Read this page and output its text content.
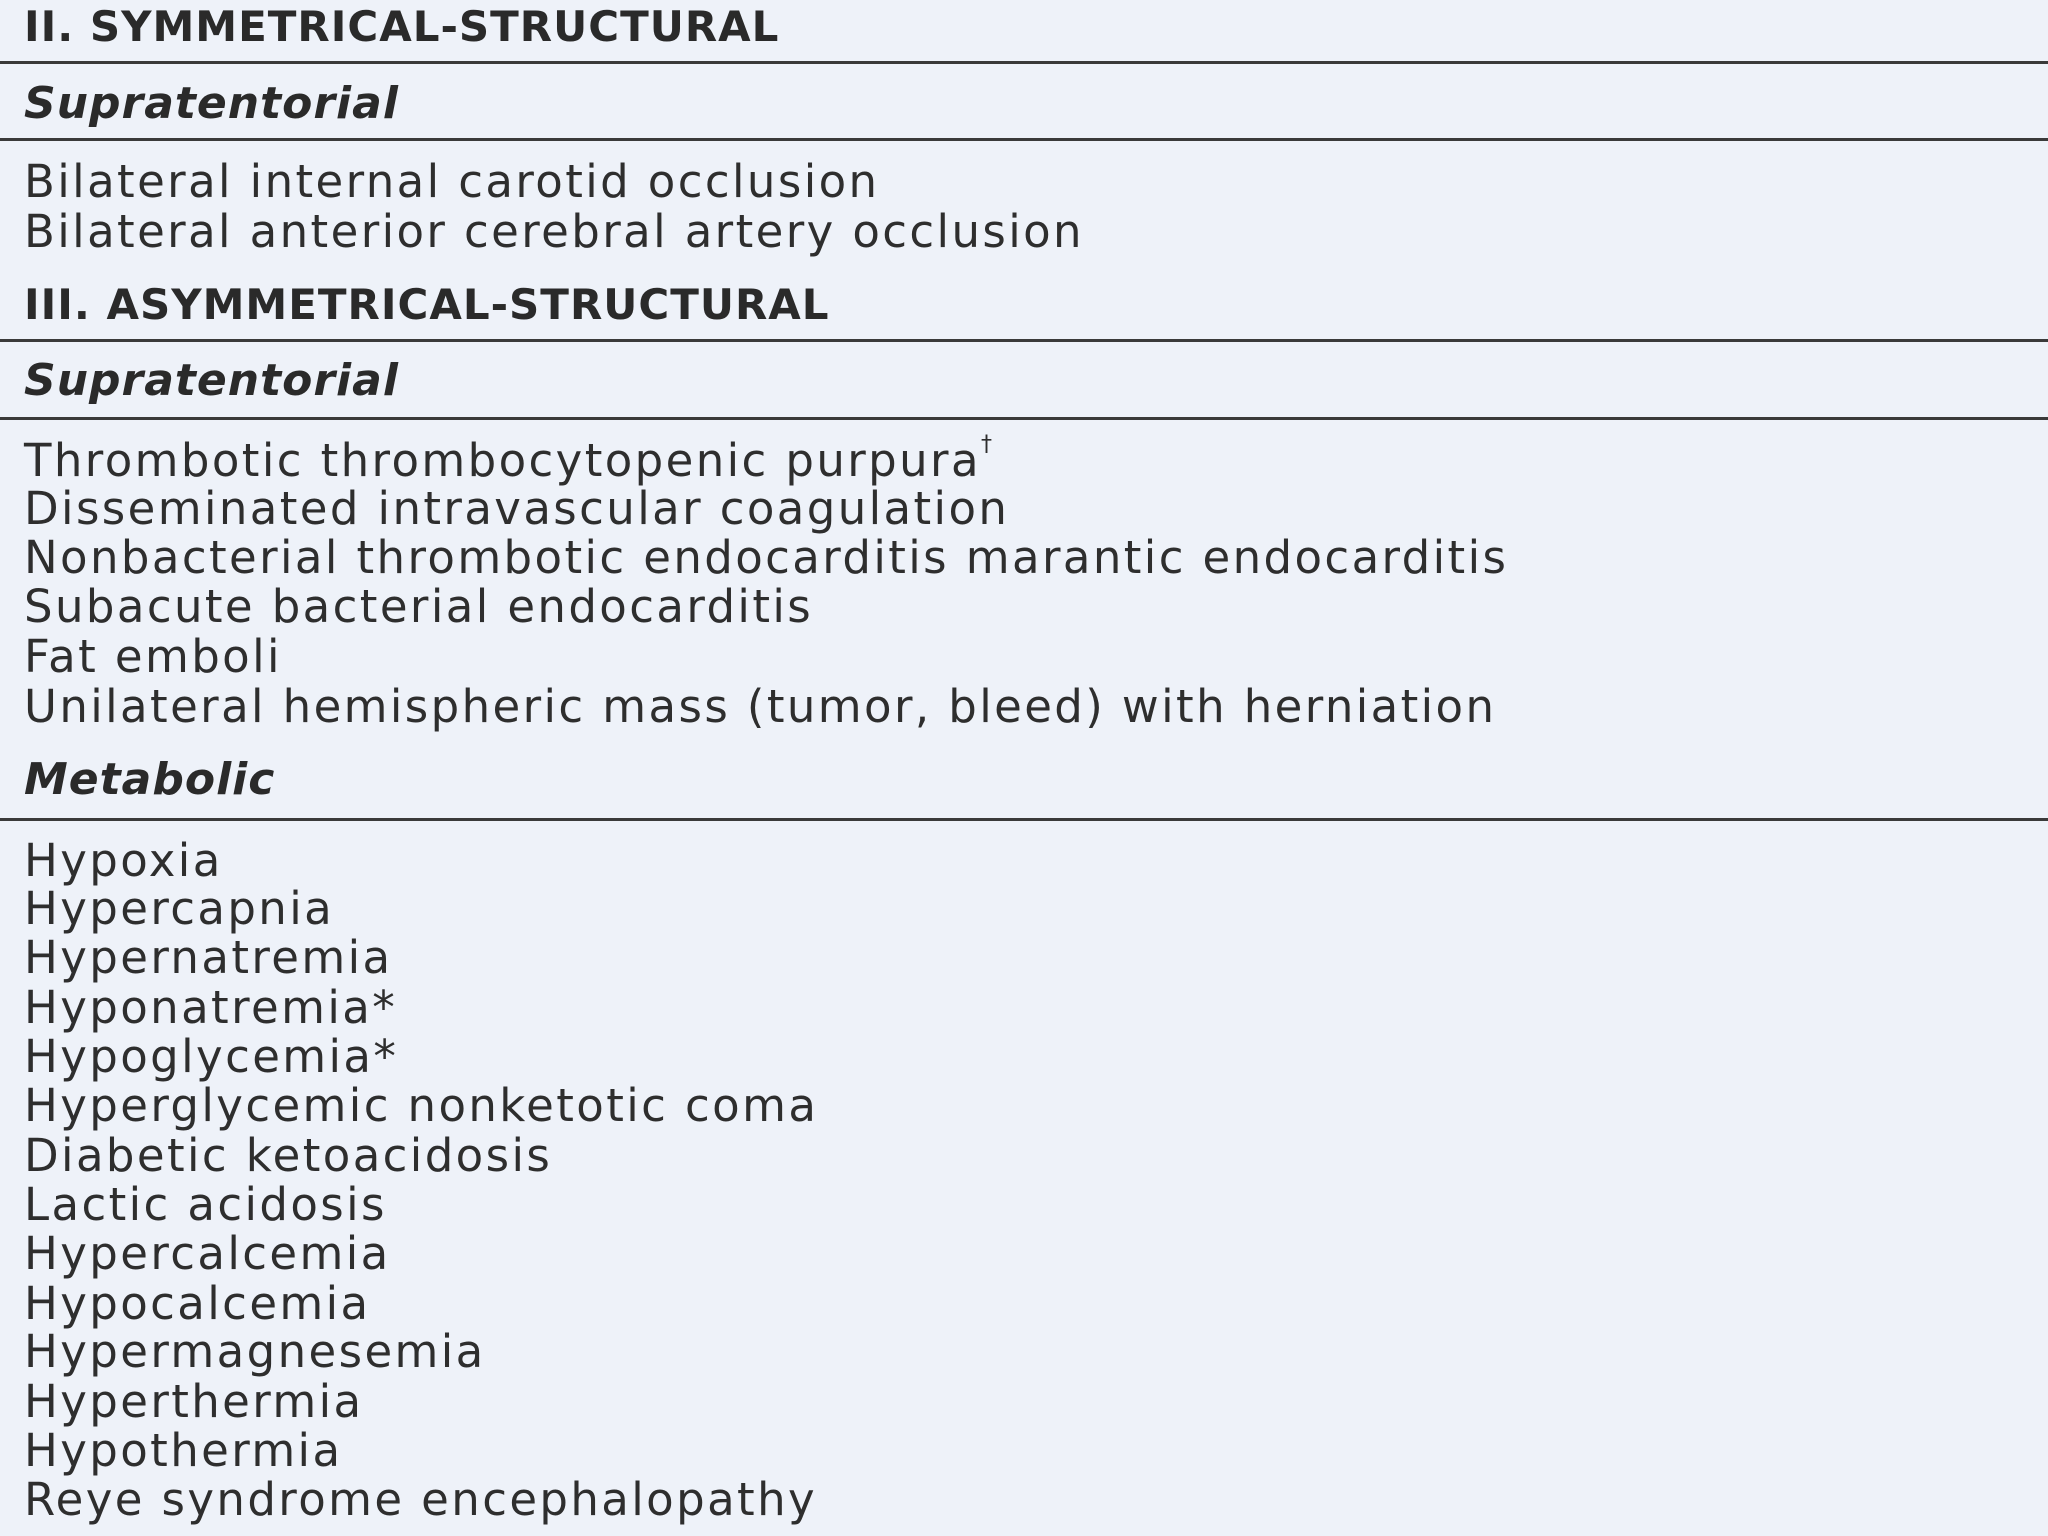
II. SYMMETRICAL-STRUCTURAL
Supratentorial
Bilateral internal carotid occlusion
Bilateral anterior cerebral artery occlusion
III. ASYMMETRICAL-STRUCTURAL
Supratentorial
Thrombotic thrombocytopenic purpura†
Disseminated intravascular coagulation
Nonbacterial thrombotic endocarditis marantic endocarditis
Subacute bacterial endocarditis
Fat emboli
Unilateral hemispheric mass (tumor, bleed) with herniation
Metabolic
Hypoxia
Hypercapnia
Hypernatremia
Hyponatremia*
Hypoglycemia*
Hyperglycemic nonketotic coma
Diabetic ketoacidosis
Lactic acidosis
Hypercalcemia
Hypocalcemia
Hypermagnesemia
Hyperthermia
Hypothermia
Reye syndrome encephalopathy
